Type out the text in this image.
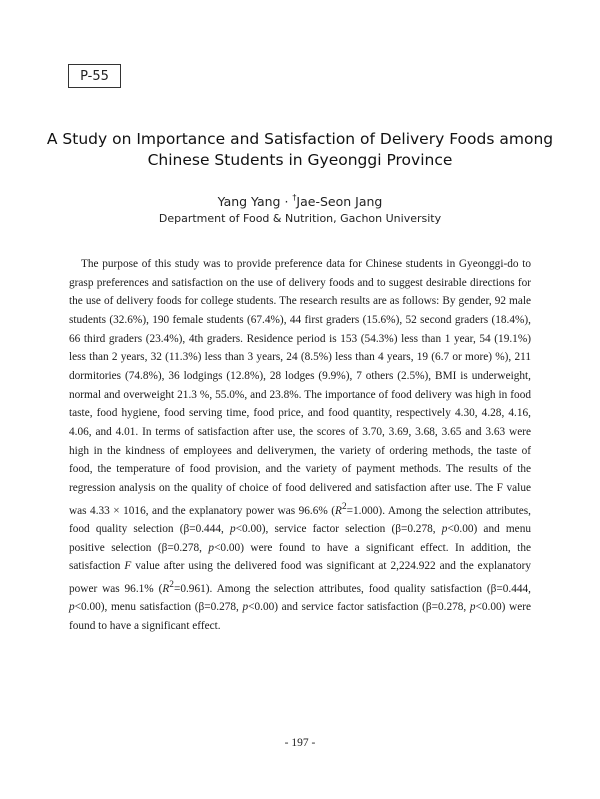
P-55
A Study on Importance and Satisfaction of Delivery Foods among
Chinese Students in Gyeonggi Province
Yang Yang · †Jae-Seon Jang
Department of Food & Nutrition, Gachon University

The purpose of this study was to provide preference data for Chinese students in Gyeonggi-do to grasp preferences and satisfaction on the use of delivery foods and to suggest desirable directions for the use of delivery foods for college students. The research results are as follows: By gender, 92 male students (32.6%), 190 female students (67.4%), 44 first graders (15.6%), 52 second graders (18.4%), 66 third graders (23.4%), 4th graders. Residence period is 153 (54.3%) less than 1 year, 54 (19.1%) less than 2 years, 32 (11.3%) less than 3 years, 24 (8.5%) less than 4 years, 19 (6.7 or more) %), 211 dormitories (74.8%), 36 lodgings (12.8%), 28 lodges (9.9%), 7 others (2.5%), BMI is underweight, normal and overweight 21.3 %, 55.0%, and 23.8%. The importance of food delivery was high in food taste, food hygiene, food serving time, food price, and food quantity, respectively 4.30, 4.28, 4.16, 4.06, and 4.01. In terms of satisfaction after use, the scores of 3.70, 3.69, 3.68, 3.65 and 3.63 were high in the kindness of employees and deliverymen, the variety of ordering methods, the taste of food, the temperature of food provision, and the variety of payment methods. The results of the regression analysis on the quality of choice of food delivered and satisfaction after use. The F value was 4.33 × 1016, and the explanatory power was 96.6% $(R^2=1.000)$. Among the selection attributes, food quality selection (β=0.444, p<0.00), service factor selection (β=0.278, p<0.00) and menu positive selection (β=0.278, p<0.00) were found to have a significant effect. In addition, the satisfaction F value after using the delivered food was significant at 2,224.922 and the explanatory power was 96.1% $(R^2=0.961)$. Among the selection attributes, food quality satisfaction (β=0.444, p<0.00), menu satisfaction (β=0.278, p<0.00) and service factor satisfaction (β=0.278, p<0.00) were found to have a significant effect.

- 197 -
